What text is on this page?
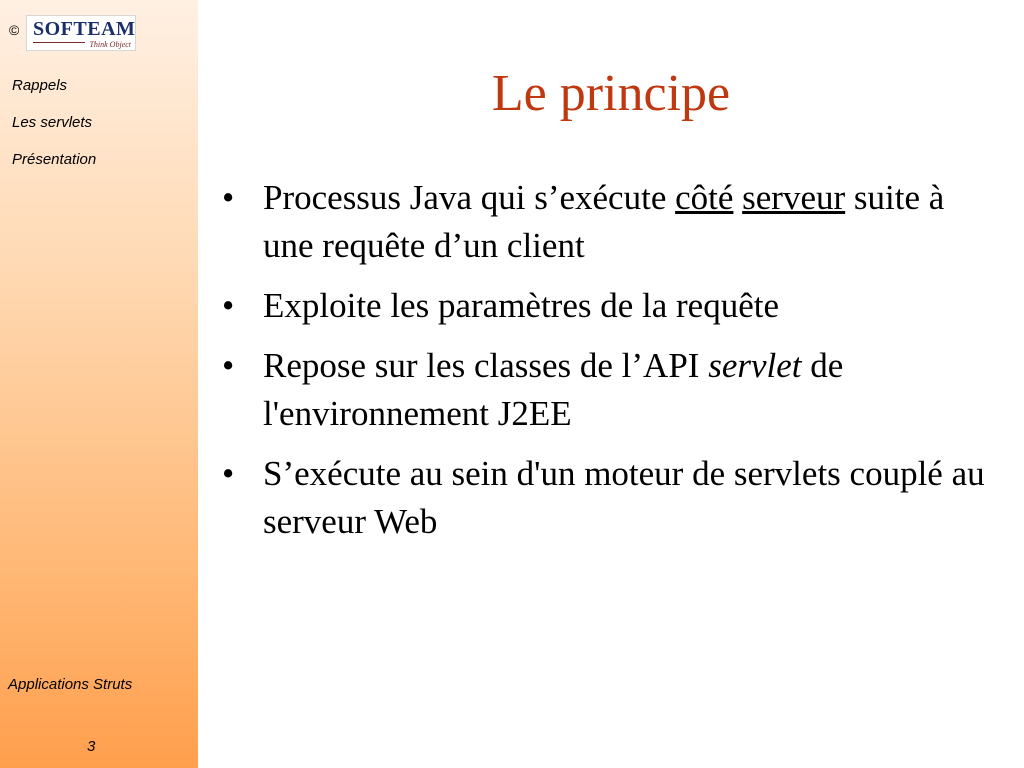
© SOFTEAM
Think Object
Rappels
Les servlets
Présentation
Applications Struts
3
Le principe
• Processus Java qui s’exécute côté serveur suite à une requête d’un client
• Exploite les paramètres de la requête
• Repose sur les classes de l’API servlet de l'environnement J2EE
• S’exécute au sein d'un moteur de servlets couplé au serveur Web
